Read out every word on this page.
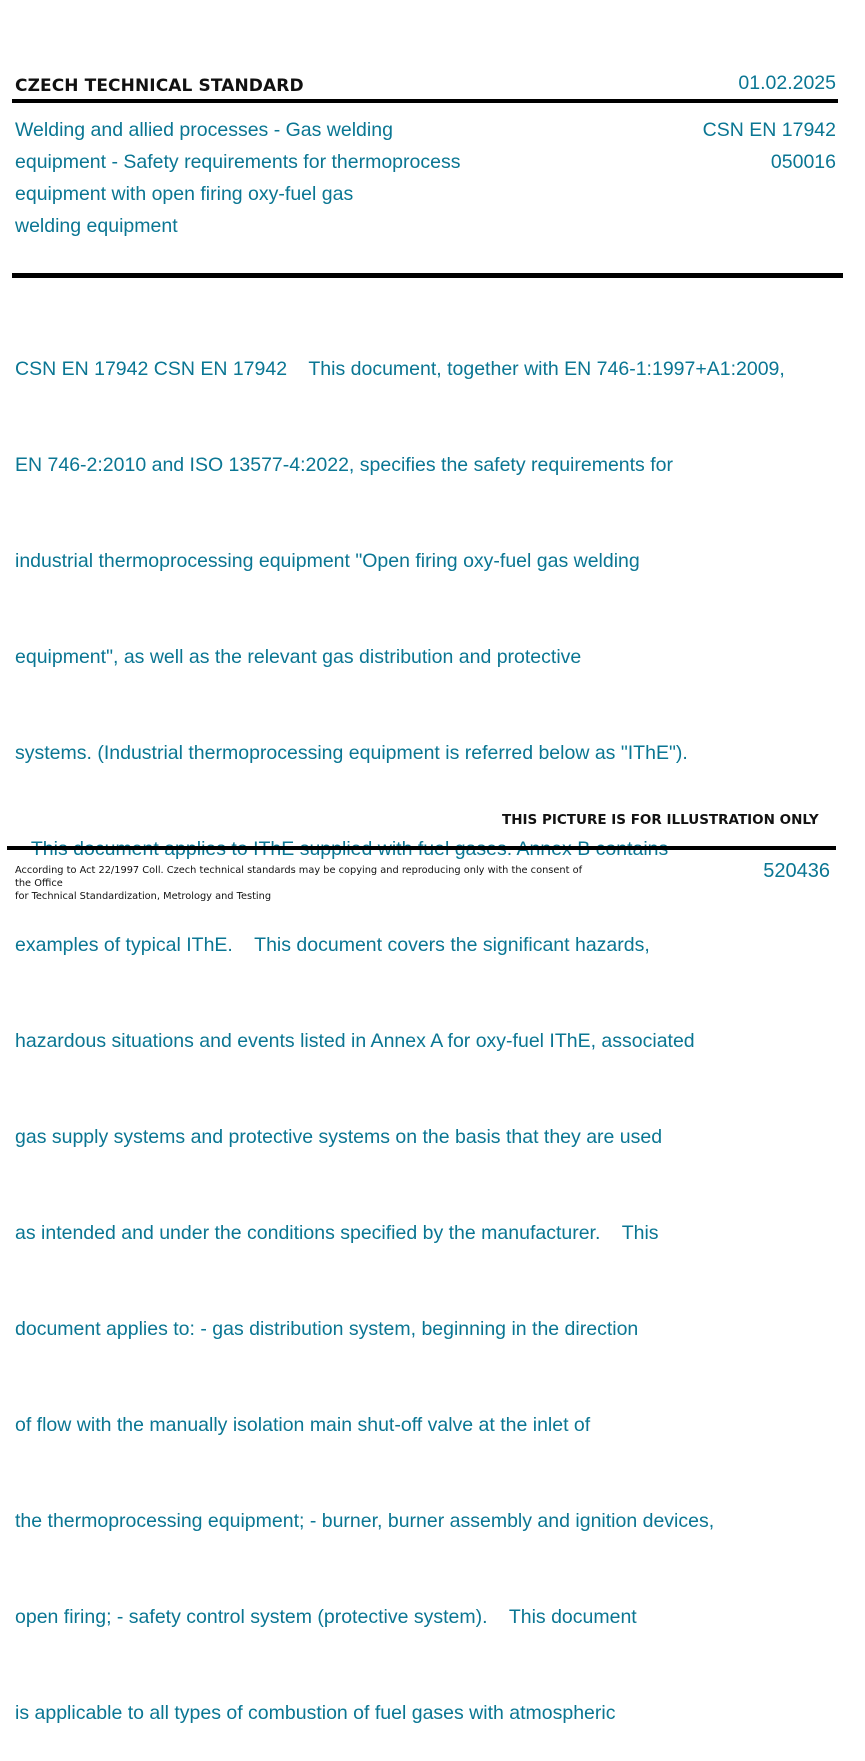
CZECH TECHNICAL STANDARD	01.02.2025
Welding and allied processes - Gas welding
equipment - Safety requirements for thermoprocess
equipment with open firing oxy-fuel gas
welding equipment
CSN EN 17942
050016

CSN EN 17942 CSN EN 17942    This document, together with EN 746-1:1997+A1:2009,

EN 746-2:2010 and ISO 13577-4:2022, specifies the safety requirements for

industrial thermoprocessing equipment "Open firing oxy-fuel gas welding

equipment", as well as the relevant gas distribution and protective

systems. (Industrial thermoprocessing equipment is referred below as "IThE").

examples of typical IThE.    This document covers the significant hazards,

hazardous situations and events listed in Annex A for oxy-fuel IThE, associated

gas supply systems and protective systems on the basis that they are used

as intended and under the conditions specified by the manufacturer.    This

document applies to: - gas distribution system, beginning in the direction

of flow with the manually isolation main shut-off valve at the inlet of

the thermoprocessing equipment; - burner, burner assembly and ignition devices,

open firing; - safety control system (protective system).    This document

is applicable to all types of combustion of fuel gases with atmospheric

THIS PICTURE IS FOR ILLUSTRATION ONLY
According to Act 22/1997 Coll. Czech technical standards may be copying and reproducing only with the consent of the Office
for Technical Standardization, Metrology and Testing
520436
